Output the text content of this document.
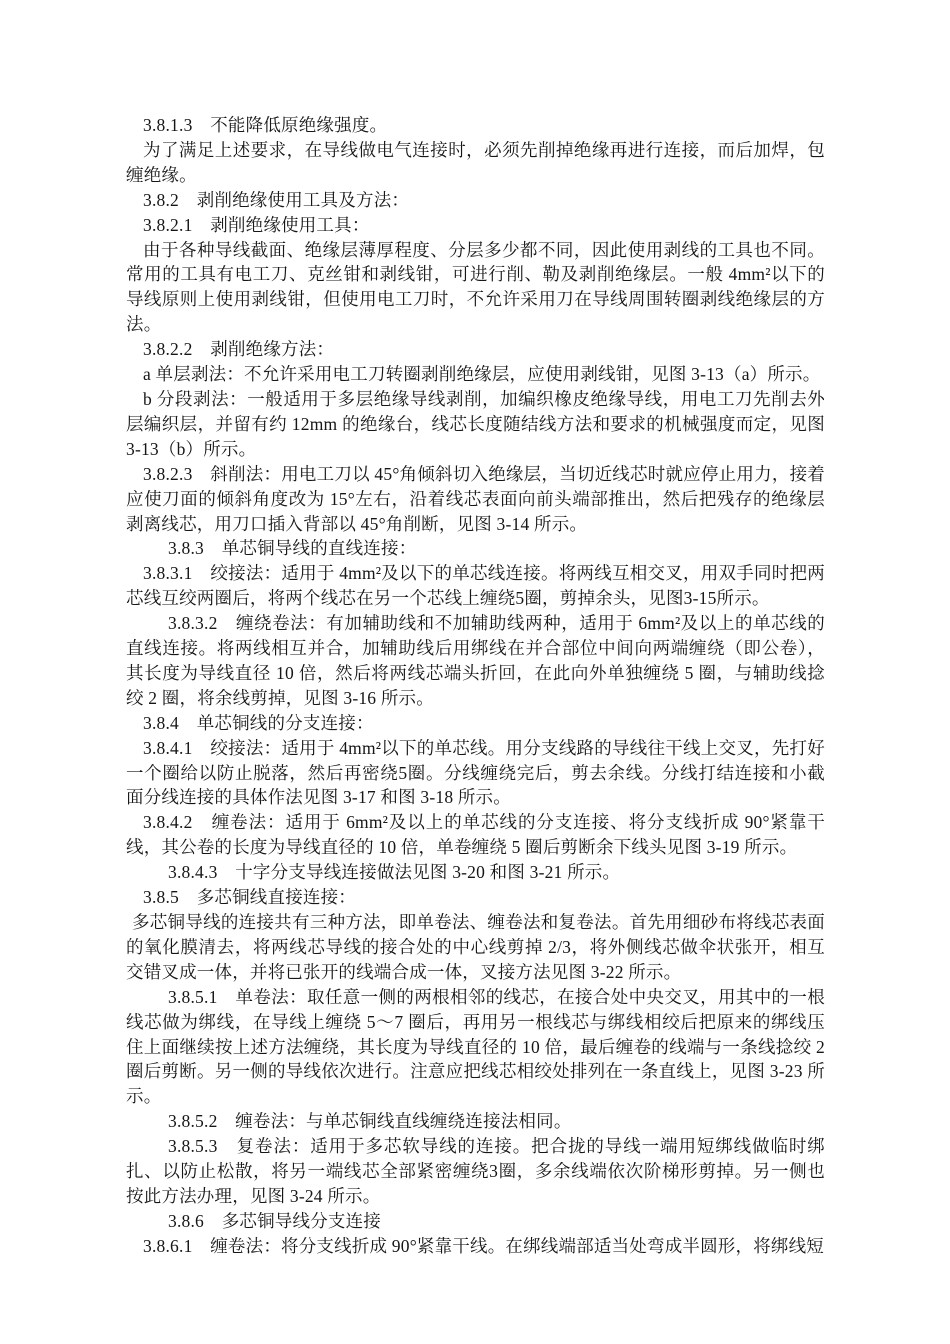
3.8.1.3　不能降低原绝缘强度。

为了满足上述要求，在导线做电气连接时，必须先削掉绝缘再进行连接，而后加焊，包缠绝缘。

3.8.2　剥削绝缘使用工具及方法：

3.8.2.1　剥削绝缘使用工具：

由于各种导线截面、绝缘层薄厚程度、分层多少都不同，因此使用剥线的工具也不同。常用的工具有电工刀、克丝钳和剥线钳，可进行削、勒及剥削绝缘层。一般 4mm²以下的导线原则上使用剥线钳，但使用电工刀时，不允许采用刀在导线周围转圈剥线绝缘层的方法。

3.8.2.2　剥削绝缘方法：

a 单层剥法：不允许采用电工刀转圈剥削绝缘层，应使用剥线钳，见图 3-13（a）所示。

b 分段剥法：一般适用于多层绝缘导线剥削，加编织橡皮绝缘导线，用电工刀先削去外层编织层，并留有约 12mm 的绝缘台，线芯长度随结线方法和要求的机械强度而定，见图 3-13（b）所示。

3.8.2.3　斜削法：用电工刀以 45°角倾斜切入绝缘层，当切近线芯时就应停止用力，接着应使刀面的倾斜角度改为 15°左右，沿着线芯表面向前头端部推出，然后把残存的绝缘层剥离线芯，用刀口插入背部以 45°角削断，见图 3-14 所示。

3.8.3　单芯铜导线的直线连接：

3.8.3.1　绞接法：适用于 4mm²及以下的单芯线连接。将两线互相交叉，用双手同时把两芯线互绞两圈后，将两个线芯在另一个芯线上缠绕5圈，剪掉余头，见图3-15所示。

3.8.3.2　缠绕卷法：有加辅助线和不加辅助线两种，适用于 6mm²及以上的单芯线的直线连接。将两线相互并合，加辅助线后用绑线在并合部位中间向两端缠绕（即公卷），其长度为导线直径 10 倍，然后将两线芯端头折回，在此向外单独缠绕 5 圈，与辅助线捻绞 2 圈，将余线剪掉，见图 3-16 所示。

3.8.4　单芯铜线的分支连接：

3.8.4.1　绞接法：适用于 4mm²以下的单芯线。用分支线路的导线往干线上交叉，先打好一个圈给以防止脱落，然后再密绕5圈。分线缠绕完后，剪去余线。分线打结连接和小截面分线连接的具体作法见图 3-17 和图 3-18 所示。

3.8.4.2　缠卷法：适用于 6mm²及以上的单芯线的分支连接、将分支线折成 90°紧靠干线，其公卷的长度为导线直径的 10 倍，单卷缠绕 5 圈后剪断余下线头见图 3-19 所示。

3.8.4.3　十字分支导线连接做法见图 3-20 和图 3-21 所示。

3.8.5　多芯铜线直接连接：

多芯铜导线的连接共有三种方法，即单卷法、缠卷法和复卷法。首先用细砂布将线芯表面的氧化膜清去，将两线芯导线的接合处的中心线剪掉 2/3，将外侧线芯做伞状张开，相互交错叉成一体，并将已张开的线端合成一体，叉接方法见图 3-22 所示。

3.8.5.1　单卷法：取任意一侧的两根相邻的线芯，在接合处中央交叉，用其中的一根线芯做为绑线，在导线上缠绕 5～7 圈后，再用另一根线芯与绑线相绞后把原来的绑线压住上面继续按上述方法缠绕，其长度为导线直径的 10 倍，最后缠卷的线端与一条线捻绞 2 圈后剪断。另一侧的导线依次进行。注意应把线芯相绞处排列在一条直线上，见图 3-23 所示。

3.8.5.2　缠卷法：与单芯铜线直线缠绕连接法相同。

3.8.5.3　复卷法：适用于多芯软导线的连接。把合拢的导线一端用短绑线做临时绑扎、以防止松散，将另一端线芯全部紧密缠绕3圈，多余线端依次阶梯形剪掉。另一侧也按此方法办理，见图 3-24 所示。

3.8.6　多芯铜导线分支连接

3.8.6.1　缠卷法：将分支线折成 90°紧靠干线。在绑线端部适当处弯成半圆形，将绑线短
